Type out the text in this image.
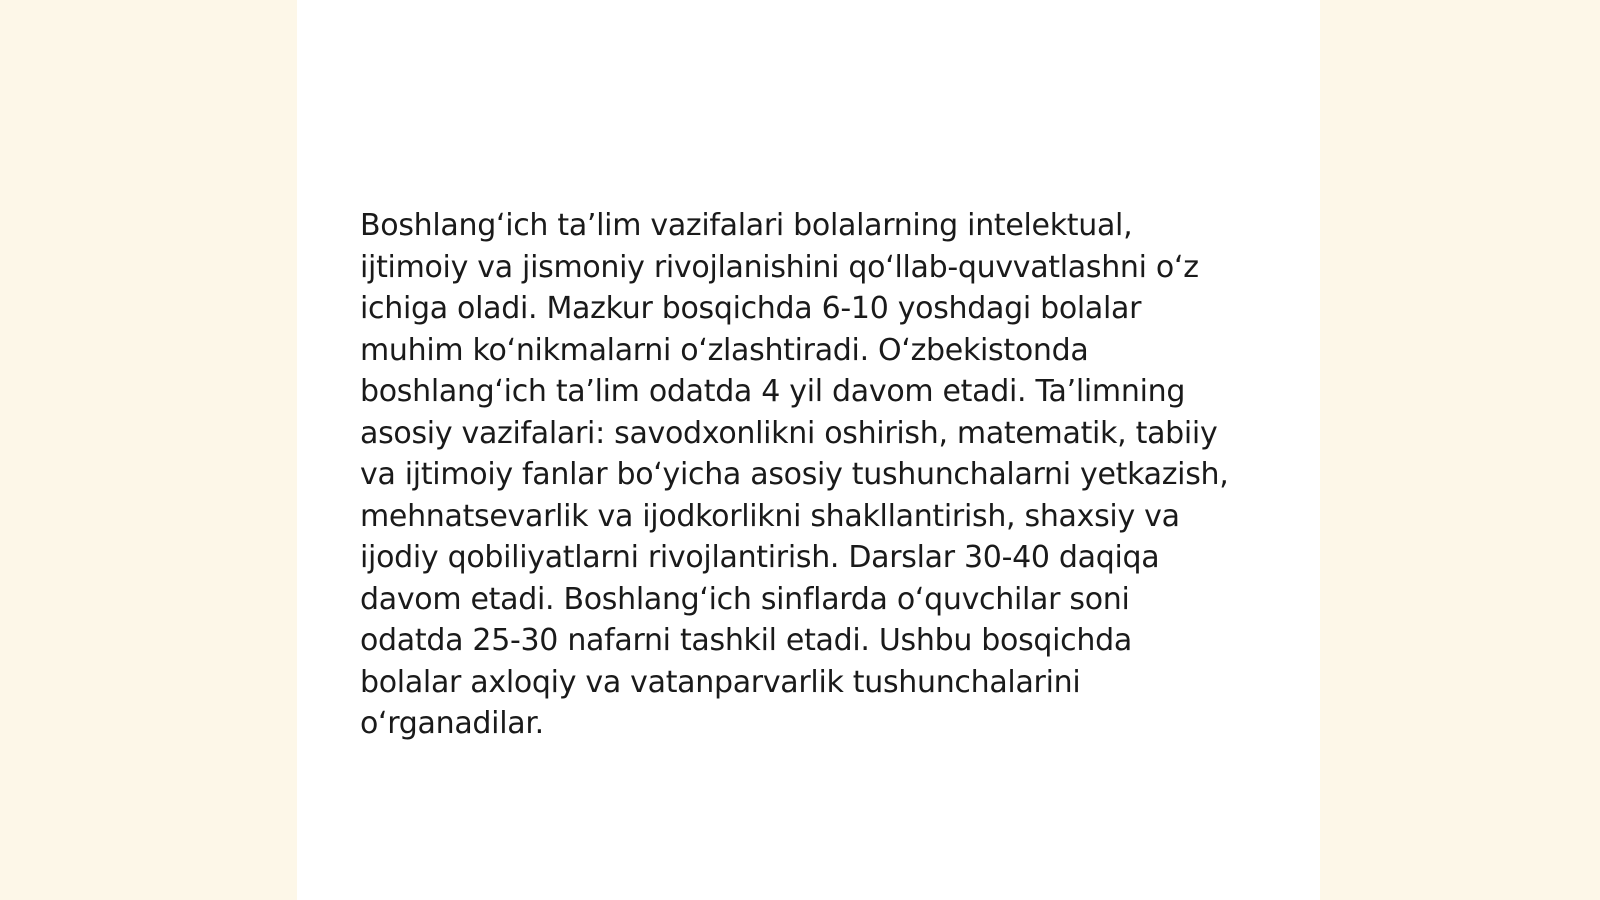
Boshlang‘ich ta’lim vazifalari bolalarning intelektual, ijtimoiy va jismoniy rivojlanishini qo‘llab-quvvatlashni o‘z ichiga oladi. Mazkur bosqichda 6-10 yoshdagi bolalar muhim ko‘nikmalarni o‘zlashtiradi. O‘zbekistonda boshlang‘ich ta’lim odatda 4 yil davom etadi. Ta’limning asosiy vazifalari: savodxonlikni oshirish, matematik, tabiiy va ijtimoiy fanlar bo‘yicha asosiy tushunchalarni yetkazish, mehnatsevarlik va ijodkorlikni shakllantirish, shaxsiy va ijodiy qobiliyatlarni rivojlantirish. Darslar 30-40 daqiqa davom etadi. Boshlang‘ich sinflarda o‘quvchilar soni odatda 25-30 nafarni tashkil etadi. Ushbu bosqichda bolalar axloqiy va vatanparvarlik tushunchalarini o‘rganadilar.
